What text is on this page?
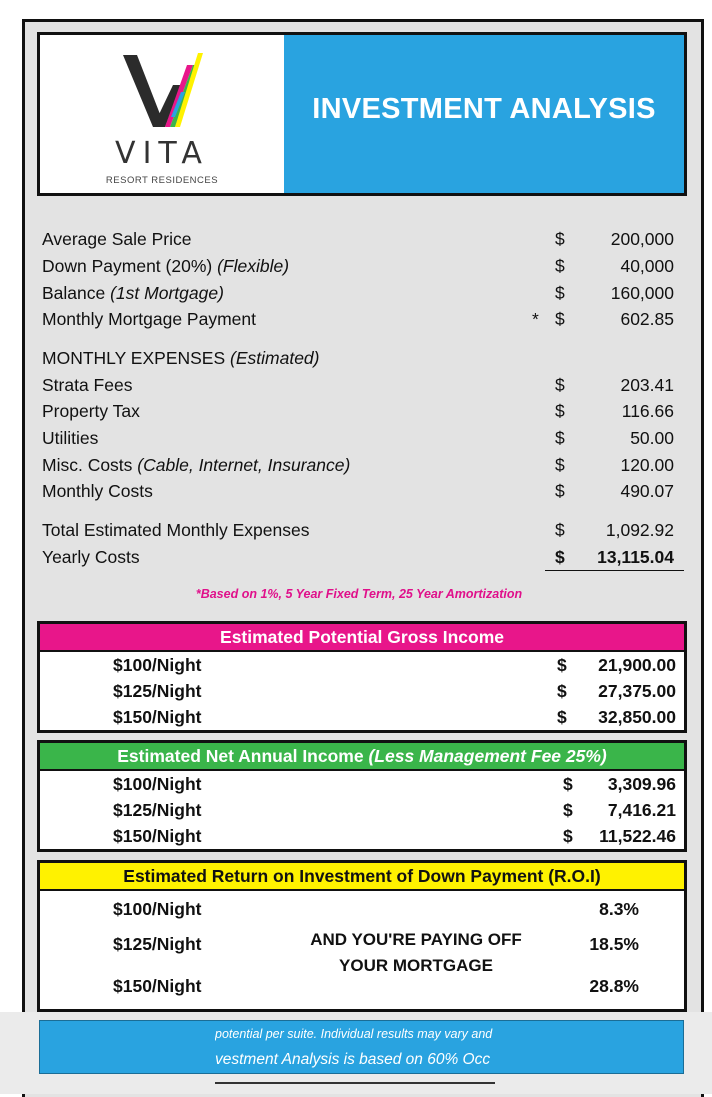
VITA
RESORT RESIDENCES
INVESTMENT ANALYSIS
Average Sale Price	$	200,000
Down Payment (20%) (Flexible)	$	40,000
Balance (1st Mortgage)	$	160,000
Monthly Mortgage Payment	* $	602.85
MONTHLY EXPENSES (Estimated)
Strata Fees	$	203.41
Property Tax	$	116.66
Utilities	$	50.00
Misc. Costs (Cable, Internet, Insurance)	$	120.00
Monthly Costs	$	490.07
Total Estimated Monthly Expenses	$ 1,092.92
Yearly Costs	$ 13,115.04
*Based on 1%, 5 Year Fixed Term, 25 Year Amortization
Estimated Potential Gross Income
$100/Night	$ 21,900.00
$125/Night	$ 27,375.00
$150/Night	$ 32,850.00
Estimated Net Annual Income (Less Management Fee 25%)
$100/Night	$ 3,309.96
$125/Night	$ 7,416.21
$150/Night	$ 11,522.46
Estimated Return on Investment of Down Payment (R.O.I)
$100/Night	8.3%
$125/Night	18.5%
$150/Night	28.8%
AND YOU'RE PAYING OFF
YOUR MORTGAGE
potential per suite. Individual results may vary and
vestment Analysis is based on 60% Occ
